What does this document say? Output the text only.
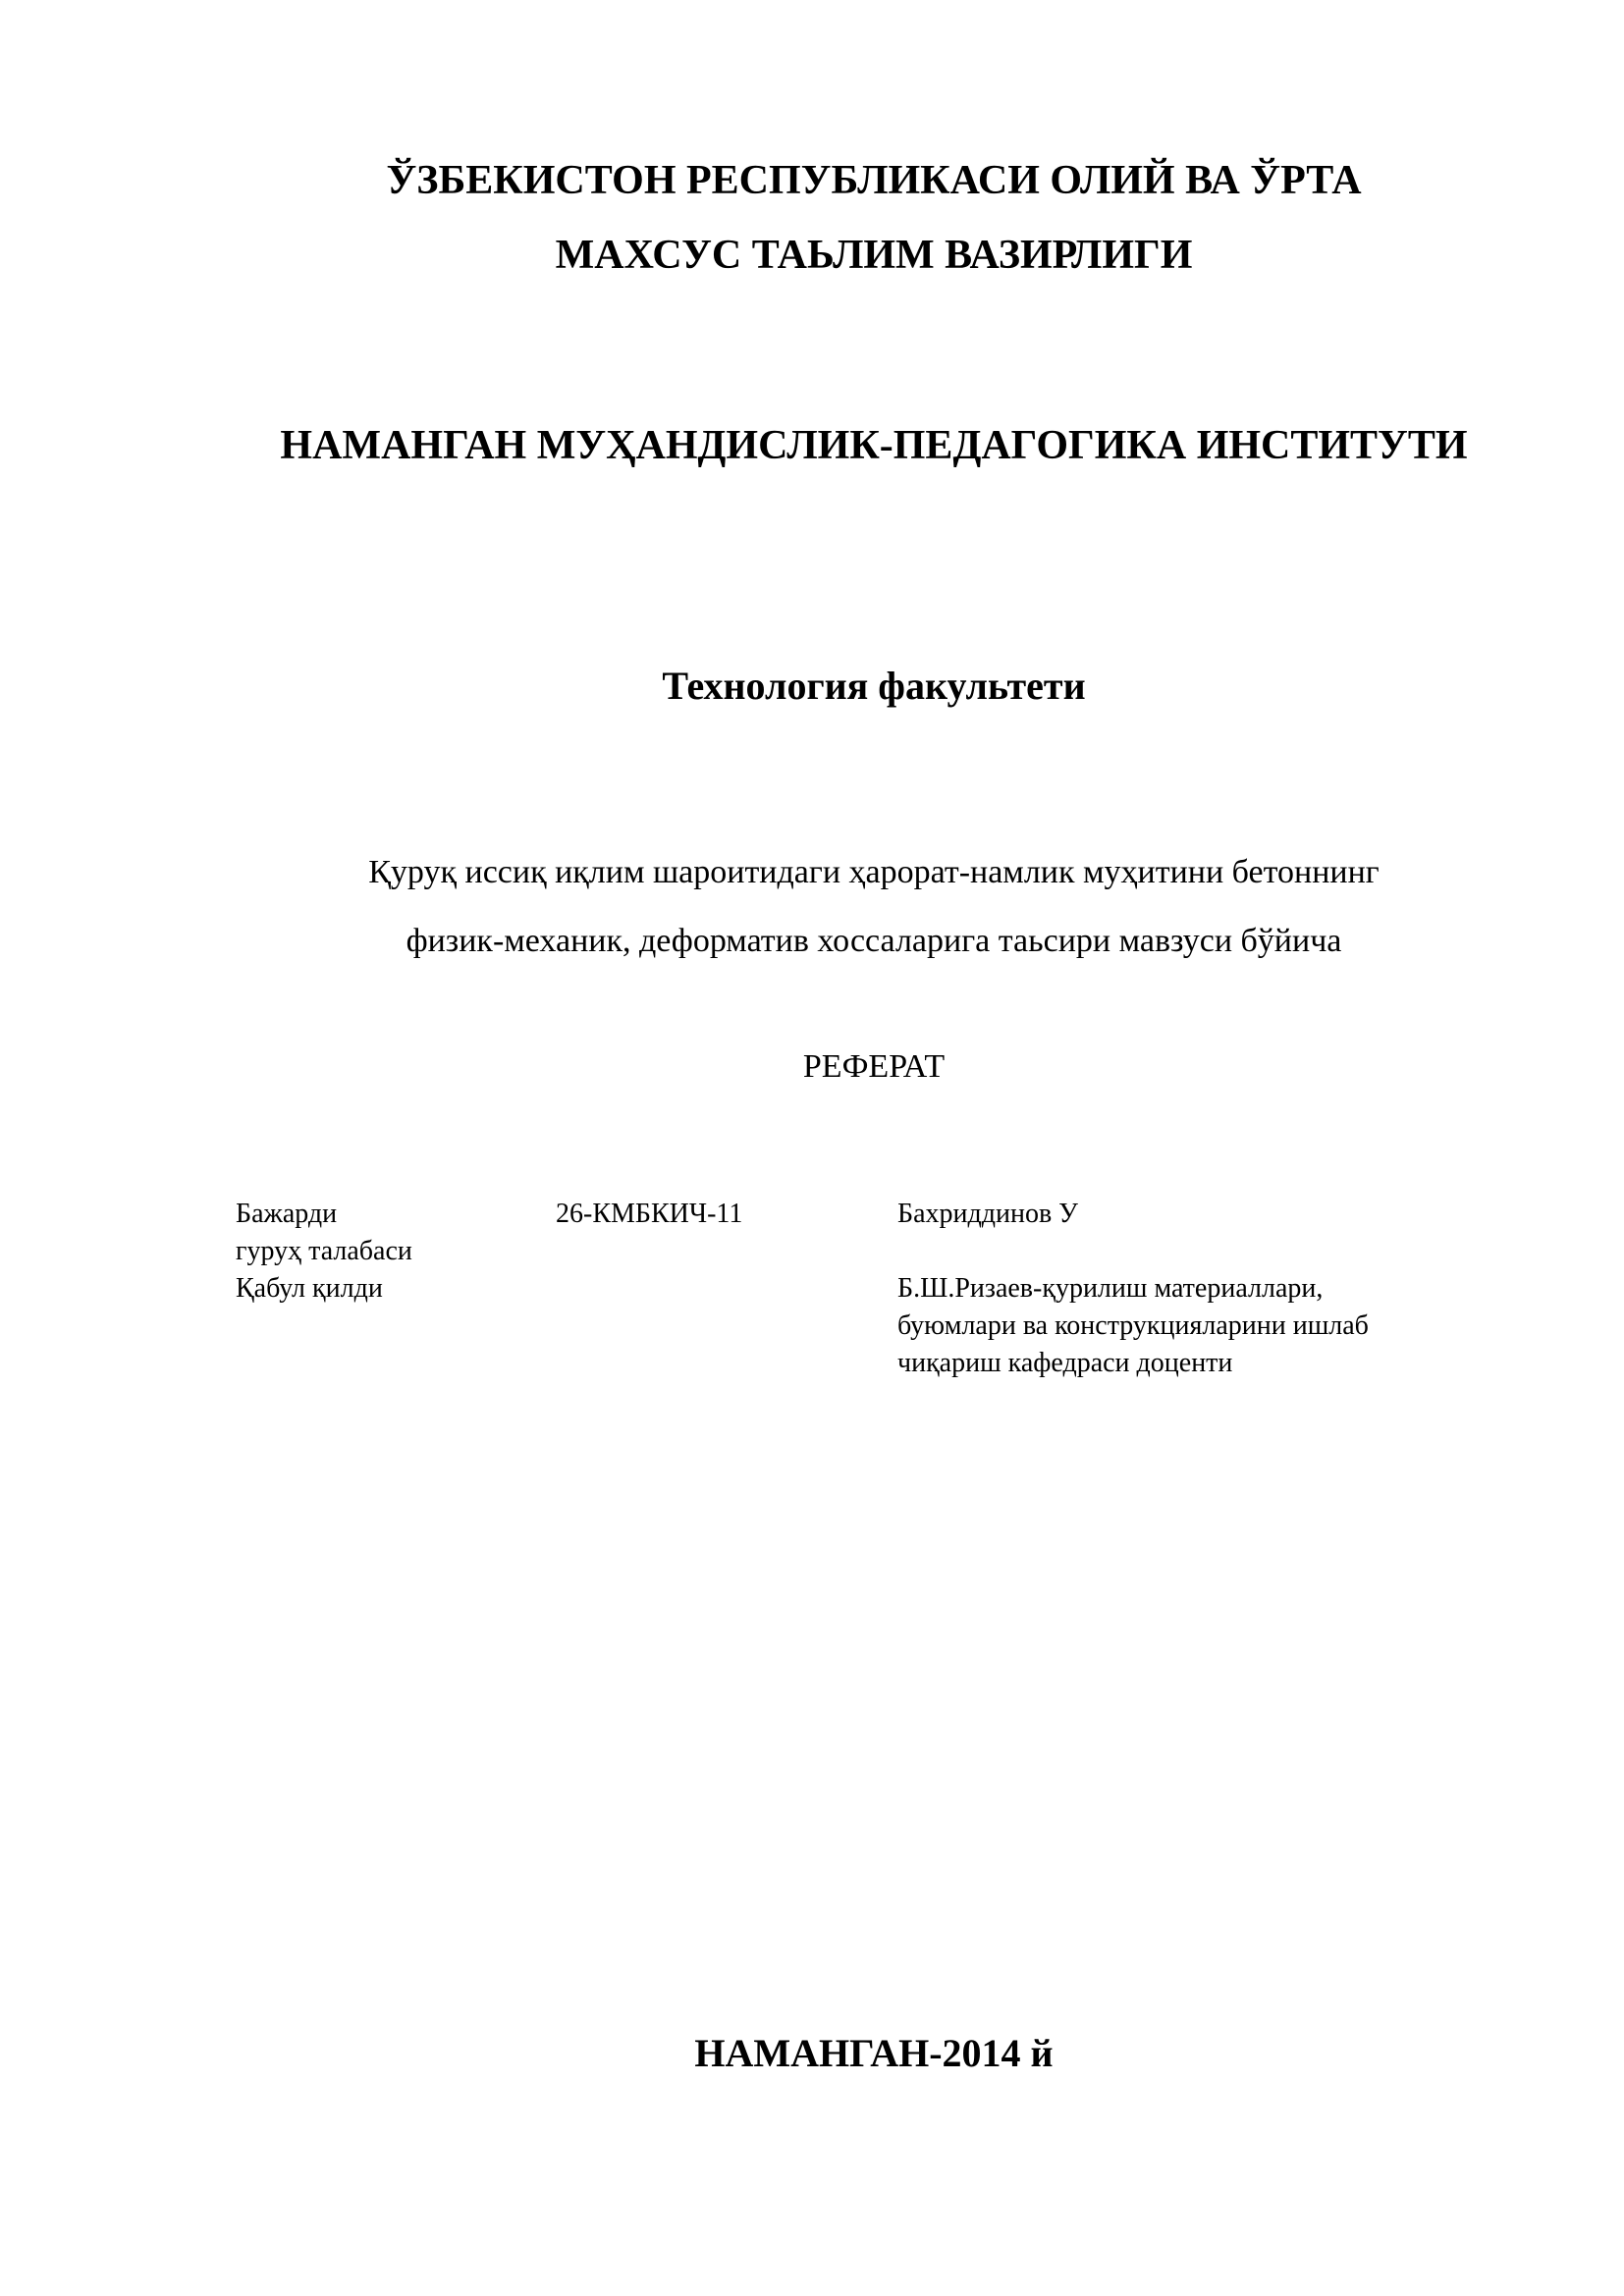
ЎЗБЕКИСТОН РЕСПУБЛИКАСИ ОЛИЙ ВА ЎРТА
МАХСУС ТАЬЛИМ ВАЗИРЛИГИ
НАМАНГАН МУҲАНДИСЛИК-ПЕДАГОГИКА ИНСТИТУТИ
Технология факультети
Қуруқ иссиқ иқлим шароитидаги ҳарорат-намлик муҳитини бетоннинг
физик-механик, деформатив хоссаларига таьсири мавзуси бўйича
РЕФЕРАТ
Бажарди
гуруҳ талабаси
26-КМБКИЧ-11	Бахриддинов У
Қабул қилди	Б.Ш.Ризаев-қурилиш материаллари,
буюмлари ва конструкцияларини ишлаб
чиқариш кафедраси доценти
НАМАНГАН-2014 й
